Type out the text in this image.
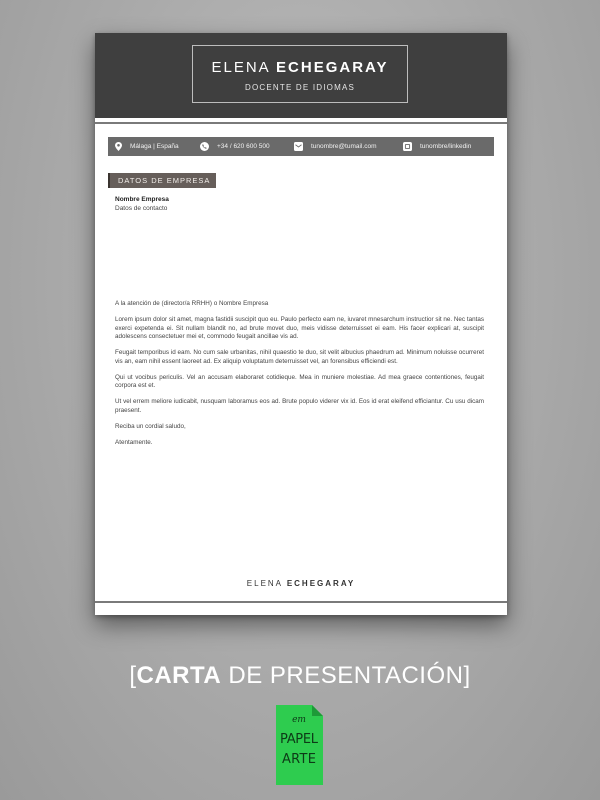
ELENA ECHEGARAY
DOCENTE DE IDIOMAS
Málaga | España	+34 / 620 600 500	tunombre@tumail.com	tunombre/linkedin
DATOS DE EMPRESA
Nombre Empresa
Datos de contacto

A la atención de (director/a RRHH) o Nombre Empresa

Lorem ipsum dolor sit amet, magna fastidii suscipit quo eu. Paulo perfecto eam ne, iuvaret mnesarchum instructior sit ne. Nec tantas exerci expetenda ei. Sit nullam blandit no, ad brute movet duo, meis vidisse deterruisset ei eam. His facer explicari at, suscipit adolescens consectetuer mei et, commodo feugait ancillae vis ad.

Feugait temporibus id eam. No cum sale urbanitas, nihil quaestio te duo, sit velit albucius phaedrum ad. Minimum noluisse ocurreret vis an, eam nihil essent laoreet ad. Ex aliquip voluptatum deterruisset vel, an forensibus efficiendi est.

Qui ut vocibus periculis. Vel an accusam elaboraret cotidieque. Mea in muniere molestiae. Ad mea graece contentiones, feugait corpora est et.

Ut vel errem meliore iudicabit, nusquam laboramus eos ad. Brute populo viderer vix id. Eos id erat eleifend efficiantur. Cu usu dicam praesent.

Reciba un cordial saludo,

Atentamente.

ELENA ECHEGARAY
[CARTA DE PRESENTACIÓN]
em
PAPEL
ARTE
